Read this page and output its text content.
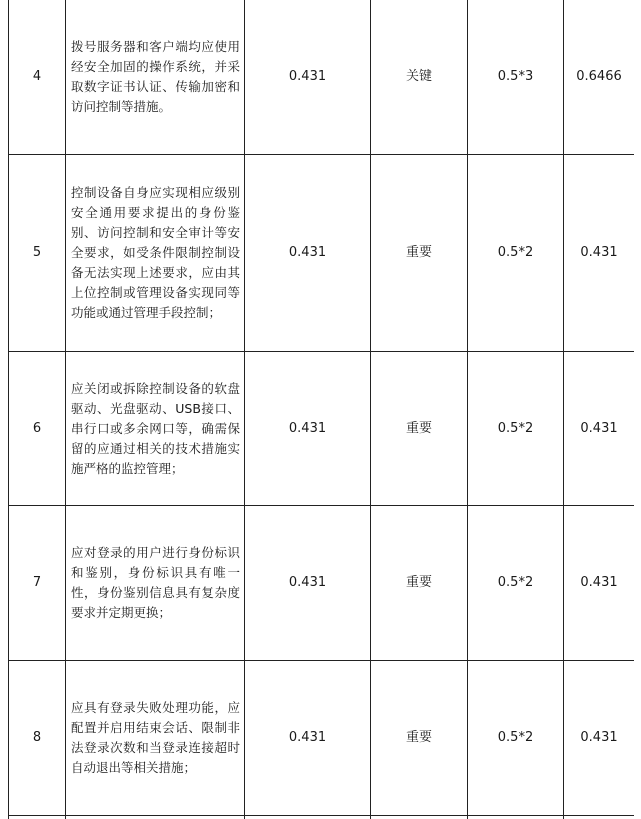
4	拨号服务器和客户端均应使用经安全加固的操作系统，并采取数字证书认证、传输加密和访问控制等措施。	0.431	关键	0.5*3	0.6466
5	控制设备自身应实现相应级别安全通用要求提出的身份鉴别、访问控制和安全审计等安全要求，如受条件限制控制设备无法实现上述要求，应由其上位控制或管理设备实现同等功能或通过管理手段控制；	0.431	重要	0.5*2	0.431
6	应关闭或拆除控制设备的软盘驱动、光盘驱动、USB接口、串行口或多余网口等，确需保留的应通过相关的技术措施实施严格的监控管理；	0.431	重要	0.5*2	0.431
7	应对登录的用户进行身份标识和鉴别，身份标识具有唯一性，身份鉴别信息具有复杂度要求并定期更换；	0.431	重要	0.5*2	0.431
8	应具有登录失败处理功能，应配置并启用结束会话、限制非法登录次数和当登录连接超时自动退出等相关措施；	0.431	重要	0.5*2	0.431
